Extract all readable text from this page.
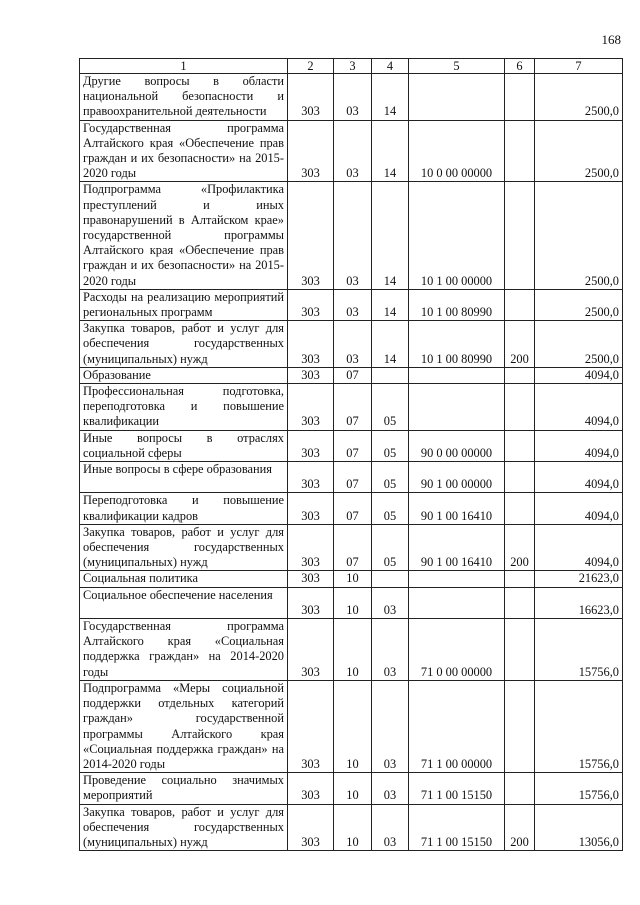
168
1	2	3	4	5	6	7
Другие вопросы в области национальной безопасности и правоохранительной деятельности	303	03	14			2500,0
Государственная программа Алтайского края «Обеспечение прав граждан и их безопасности» на 2015-2020 годы	303	03	14	10 0 00 00000		2500,0
Подпрограмма «Профилактика преступлений и иных правонарушений в Алтайском крае» государственной программы Алтайского края «Обеспечение прав граждан и их безопасности» на 2015-2020 годы	303	03	14	10 1 00 00000		2500,0
Расходы на реализацию мероприятий региональных программ	303	03	14	10 1 00 80990		2500,0
Закупка товаров, работ и услуг для обеспечения государственных (муниципальных) нужд	303	03	14	10 1 00 80990	200	2500,0
Образование	303	07				4094,0
Профессиональная подготовка, переподготовка и повышение квалификации	303	07	05			4094,0
Иные вопросы в отраслях социальной сферы	303	07	05	90 0 00 00000		4094,0
Иные вопросы в сфере образования	303	07	05	90 1 00 00000		4094,0
Переподготовка и повышение квалификации кадров	303	07	05	90 1 00 16410		4094,0
Закупка товаров, работ и услуг для обеспечения государственных (муниципальных) нужд	303	07	05	90 1 00 16410	200	4094,0
Социальная политика	303	10				21623,0
Социальное обеспечение населения	303	10	03			16623,0
Государственная программа Алтайского края «Социальная поддержка граждан» на 2014-2020 годы	303	10	03	71 0 00 00000		15756,0
Подпрограмма «Меры социальной поддержки отдельных категорий граждан» государственной программы Алтайского края «Социальная поддержка граждан» на 2014-2020 годы	303	10	03	71 1 00 00000		15756,0
Проведение социально значимых мероприятий	303	10	03	71 1 00 15150		15756,0
Закупка товаров, работ и услуг для обеспечения государственных (муниципальных) нужд	303	10	03	71 1 00 15150	200	13056,0
